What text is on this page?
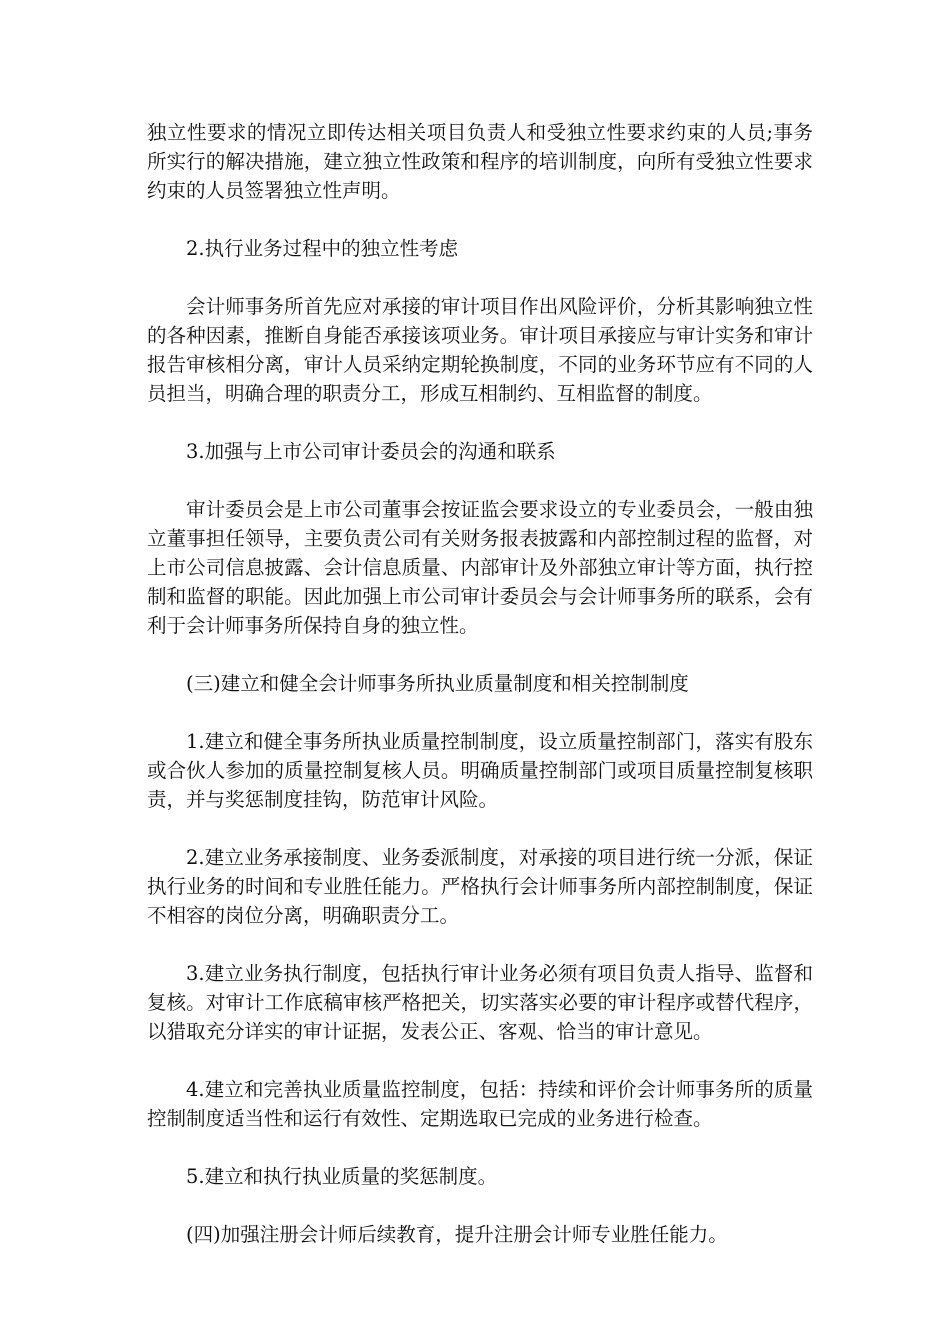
独立性要求的情况立即传达相关项目负责人和受独立性要求约束的人员;事务所实行的解决措施，建立独立性政策和程序的培训制度，向所有受独立性要求约束的人员签署独立性声明。

2.执行业务过程中的独立性考虑

会计师事务所首先应对承接的审计项目作出风险评价，分析其影响独立性的各种因素，推断自身能否承接该项业务。审计项目承接应与审计实务和审计报告审核相分离，审计人员采纳定期轮换制度，不同的业务环节应有不同的人员担当，明确合理的职责分工，形成互相制约、互相监督的制度。

3.加强与上市公司审计委员会的沟通和联系

审计委员会是上市公司董事会按证监会要求设立的专业委员会，一般由独立董事担任领导，主要负责公司有关财务报表披露和内部控制过程的监督，对上市公司信息披露、会计信息质量、内部审计及外部独立审计等方面，执行控制和监督的职能。因此加强上市公司审计委员会与会计师事务所的联系，会有利于会计师事务所保持自身的独立性。

(三)建立和健全会计师事务所执业质量制度和相关控制制度

1.建立和健全事务所执业质量控制制度，设立质量控制部门，落实有股东或合伙人参加的质量控制复核人员。明确质量控制部门或项目质量控制复核职责，并与奖惩制度挂钩，防范审计风险。

2.建立业务承接制度、业务委派制度，对承接的项目进行统一分派，保证执行业务的时间和专业胜任能力。严格执行会计师事务所内部控制制度，保证不相容的岗位分离，明确职责分工。

3.建立业务执行制度，包括执行审计业务必须有项目负责人指导、监督和复核。对审计工作底稿审核严格把关，切实落实必要的审计程序或替代程序，以猎取充分详实的审计证据，发表公正、客观、恰当的审计意见。

4.建立和完善执业质量监控制度，包括：持续和评价会计师事务所的质量控制制度适当性和运行有效性、定期选取已完成的业务进行检查。

5.建立和执行执业质量的奖惩制度。

(四)加强注册会计师后续教育，提升注册会计师专业胜任能力。
